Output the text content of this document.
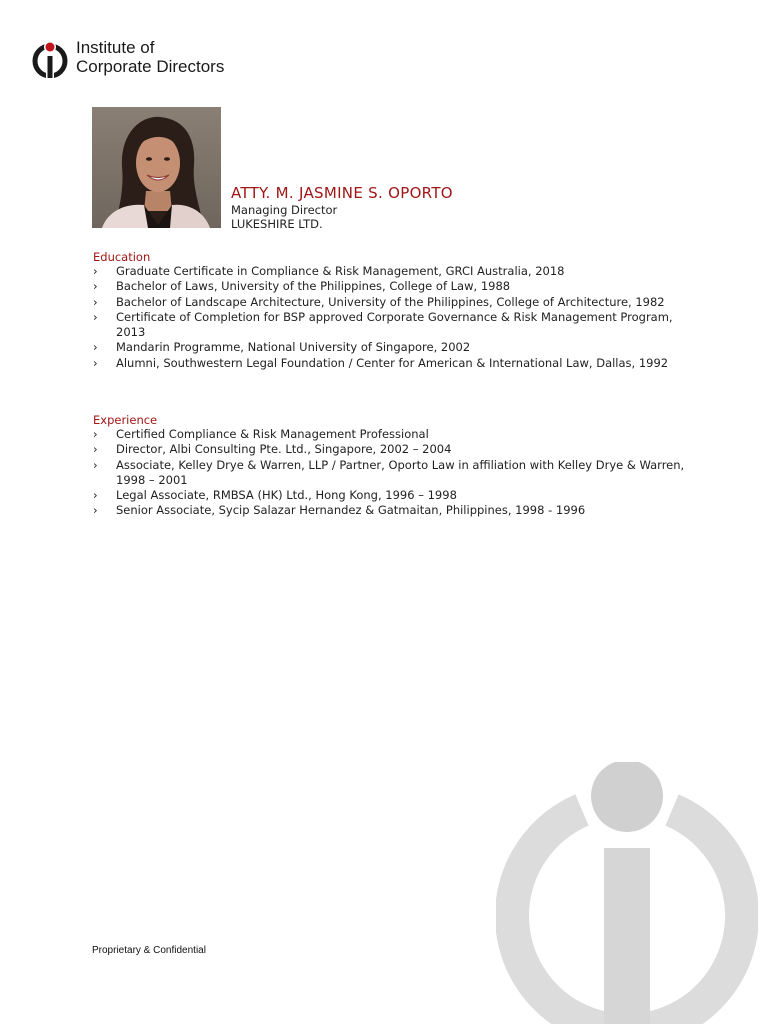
Institute of
Corporate Directors
ATTY. M. JASMINE S. OPORTO
Managing Director
LUKESHIRE LTD.
Education
› Graduate Certificate in Compliance & Risk Management, GRCI Australia, 2018
› Bachelor of Laws, University of the Philippines, College of Law, 1988
› Bachelor of Landscape Architecture, University of the Philippines, College of Architecture, 1982
› Certificate of Completion for BSP approved Corporate Governance & Risk Management Program, 2013
› Mandarin Programme, National University of Singapore, 2002
› Alumni, Southwestern Legal Foundation / Center for American & International Law, Dallas, 1992
Experience
› Certified Compliance & Risk Management Professional
› Director, Albi Consulting Pte. Ltd., Singapore, 2002 – 2004
› Associate, Kelley Drye & Warren, LLP / Partner, Oporto Law in affiliation with Kelley Drye & Warren, 1998 – 2001
› Legal Associate, RMBSA (HK) Ltd., Hong Kong, 1996 – 1998
› Senior Associate, Sycip Salazar Hernandez & Gatmaitan, Philippines, 1998 - 1996
Proprietary & Confidential
